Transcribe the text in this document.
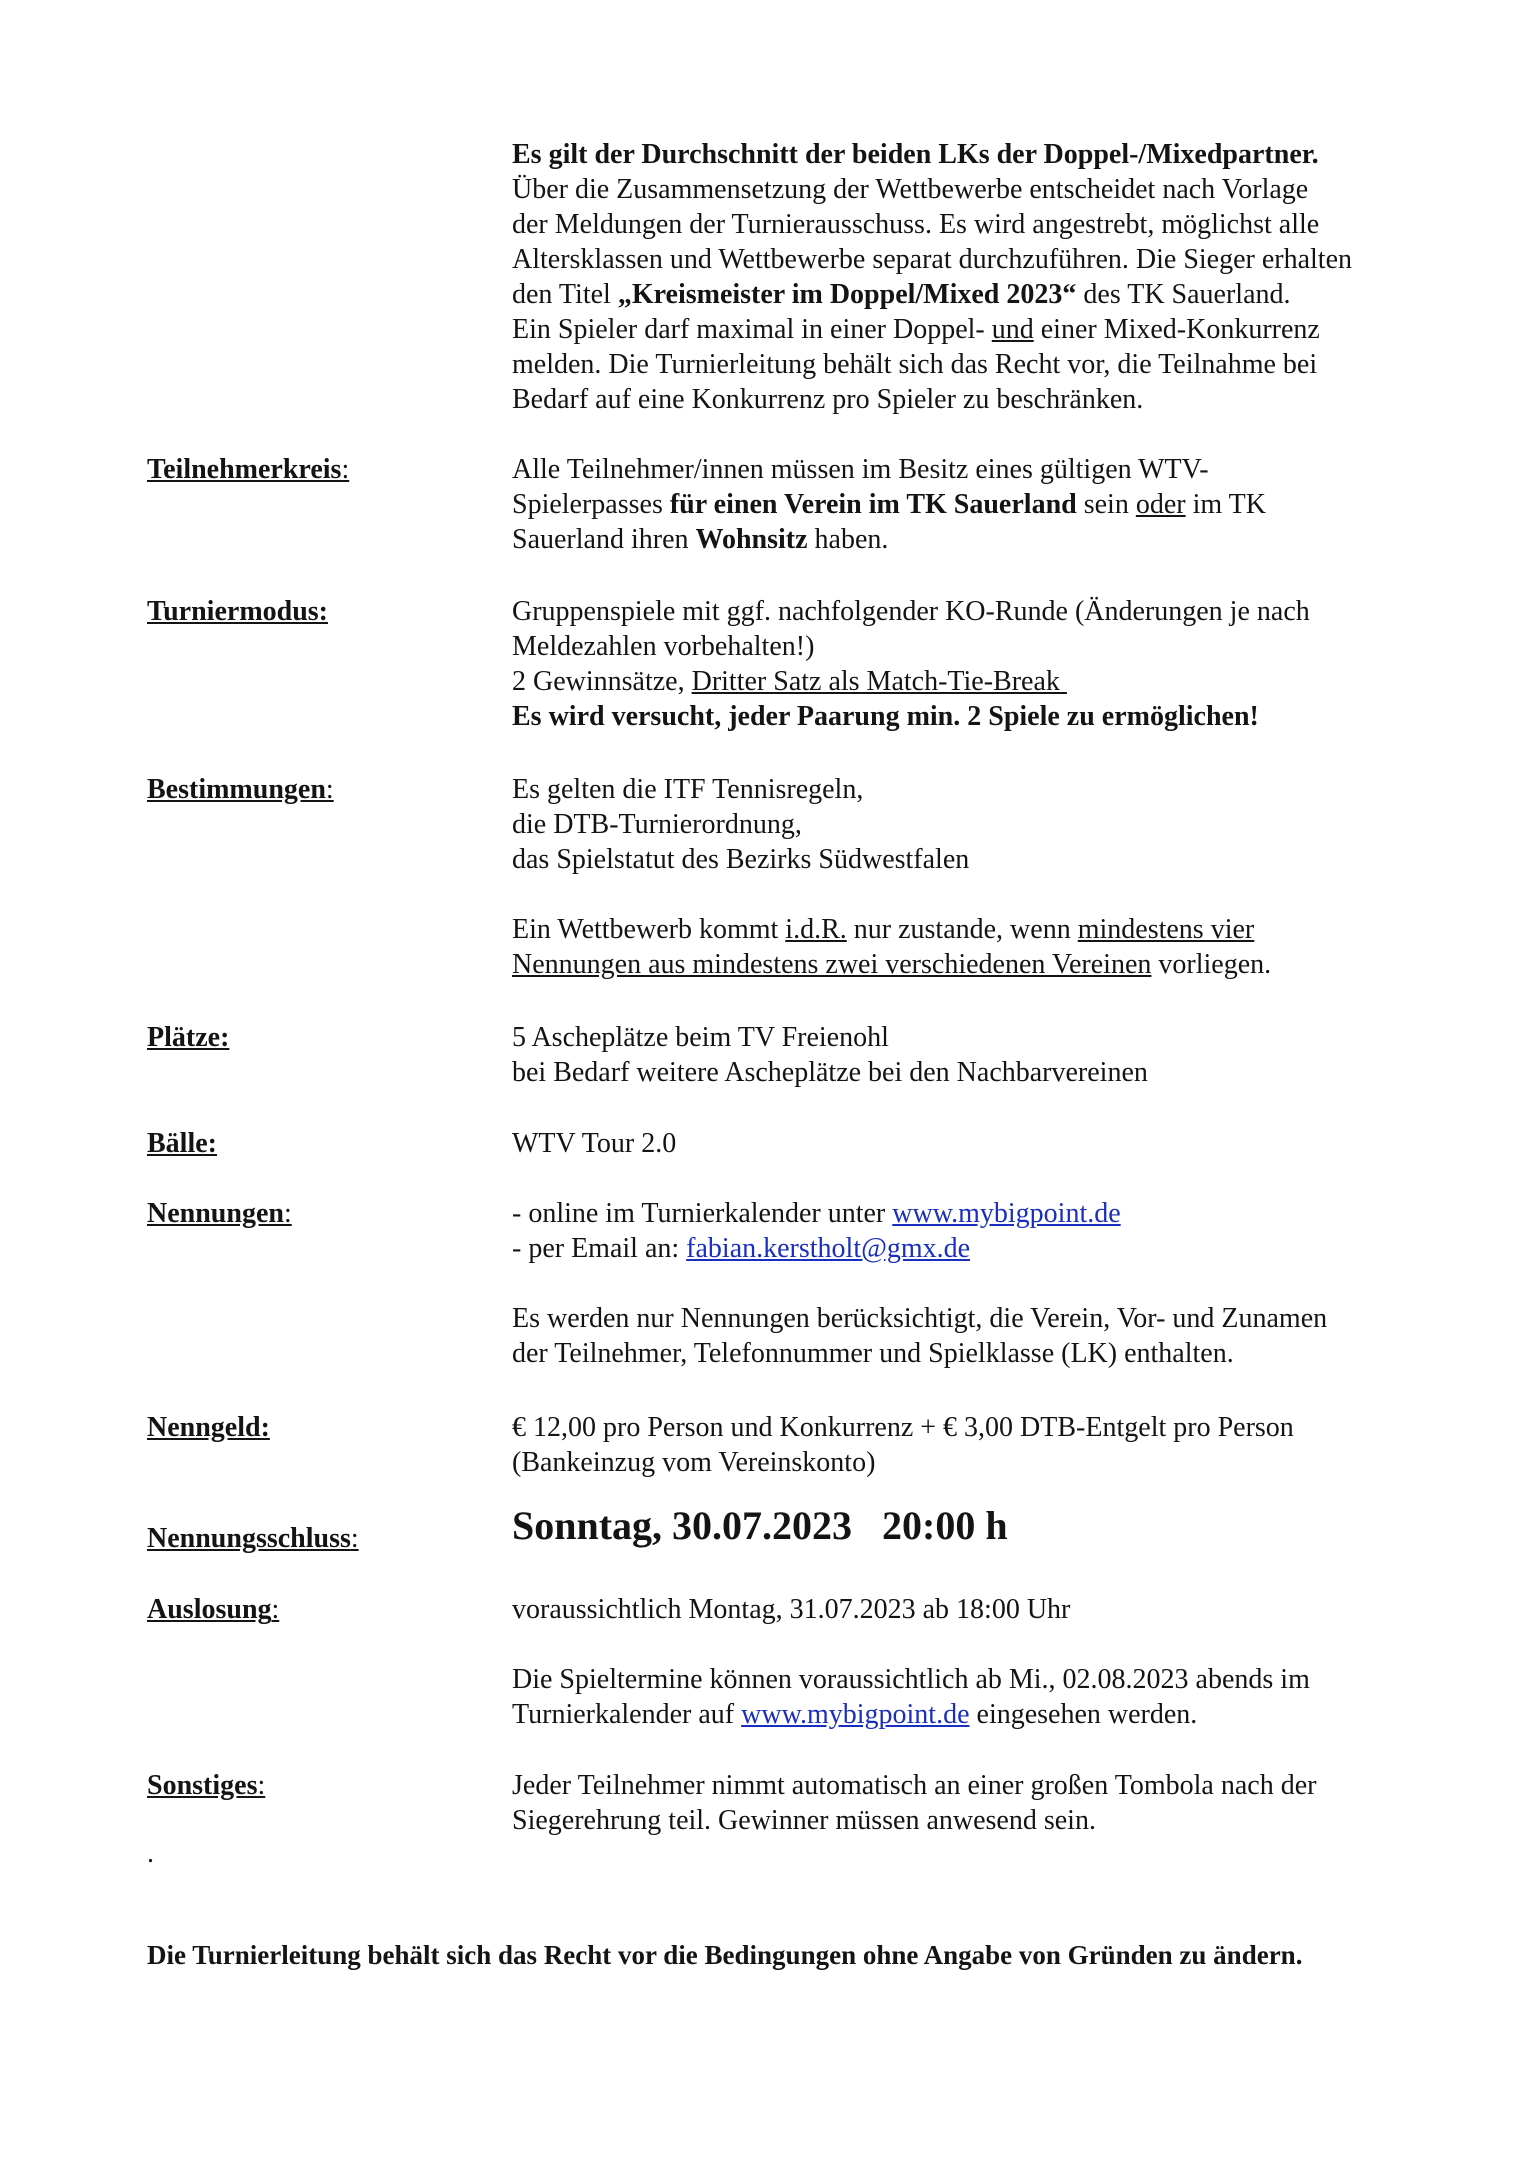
Es gilt der Durchschnitt der beiden LKs der Doppel-/Mixedpartner.
Über die Zusammensetzung der Wettbewerbe entscheidet nach Vorlage
der Meldungen der Turnierausschuss. Es wird angestrebt, möglichst alle
Altersklassen und Wettbewerbe separat durchzuführen. Die Sieger erhalten
den Titel „Kreismeister im Doppel/Mixed 2023“ des TK Sauerland.
Ein Spieler darf maximal in einer Doppel- und einer Mixed-Konkurrenz
melden. Die Turnierleitung behält sich das Recht vor, die Teilnahme bei
Bedarf auf eine Konkurrenz pro Spieler zu beschränken.
Teilnehmerkreis:	Alle Teilnehmer/innen müssen im Besitz eines gültigen WTV-
Spielerpasses für einen Verein im TK Sauerland sein oder im TK
Sauerland ihren Wohnsitz haben.
Turniermodus:	Gruppenspiele mit ggf. nachfolgender KO-Runde (Änderungen je nach
Meldezahlen vorbehalten!)
2 Gewinnsätze, Dritter Satz als Match-Tie-Break
Es wird versucht, jeder Paarung min. 2 Spiele zu ermöglichen!
Bestimmungen:	Es gelten die ITF Tennisregeln,
die DTB-Turnierordnung,
das Spielstatut des Bezirks Südwestfalen
Ein Wettbewerb kommt i.d.R. nur zustande, wenn mindestens vier
Nennungen aus mindestens zwei verschiedenen Vereinen vorliegen.
Plätze:	5 Ascheplätze beim TV Freienohl
bei Bedarf weitere Ascheplätze bei den Nachbarvereinen
Bälle:	WTV Tour 2.0
Nennungen:	- online im Turnierkalender unter www.mybigpoint.de
- per Email an: fabian.kerstholt@gmx.de
Es werden nur Nennungen berücksichtigt, die Verein, Vor- und Zunamen
der Teilnehmer, Telefonnummer und Spielklasse (LK) enthalten.
Nenngeld:	€ 12,00 pro Person und Konkurrenz + € 3,00 DTB-Entgelt pro Person
(Bankeinzug vom Vereinskonto)
Nennungsschluss:	Sonntag, 30.07.2023   20:00 h
Auslosung:	voraussichtlich Montag, 31.07.2023 ab 18:00 Uhr
Die Spieltermine können voraussichtlich ab Mi., 02.08.2023 abends im
Turnierkalender auf www.mybigpoint.de eingesehen werden.
Sonstiges:	Jeder Teilnehmer nimmt automatisch an einer großen Tombola nach der
Siegerehrung teil. Gewinner müssen anwesend sein.
.
Die Turnierleitung behält sich das Recht vor die Bedingungen ohne Angabe von Gründen zu ändern.
